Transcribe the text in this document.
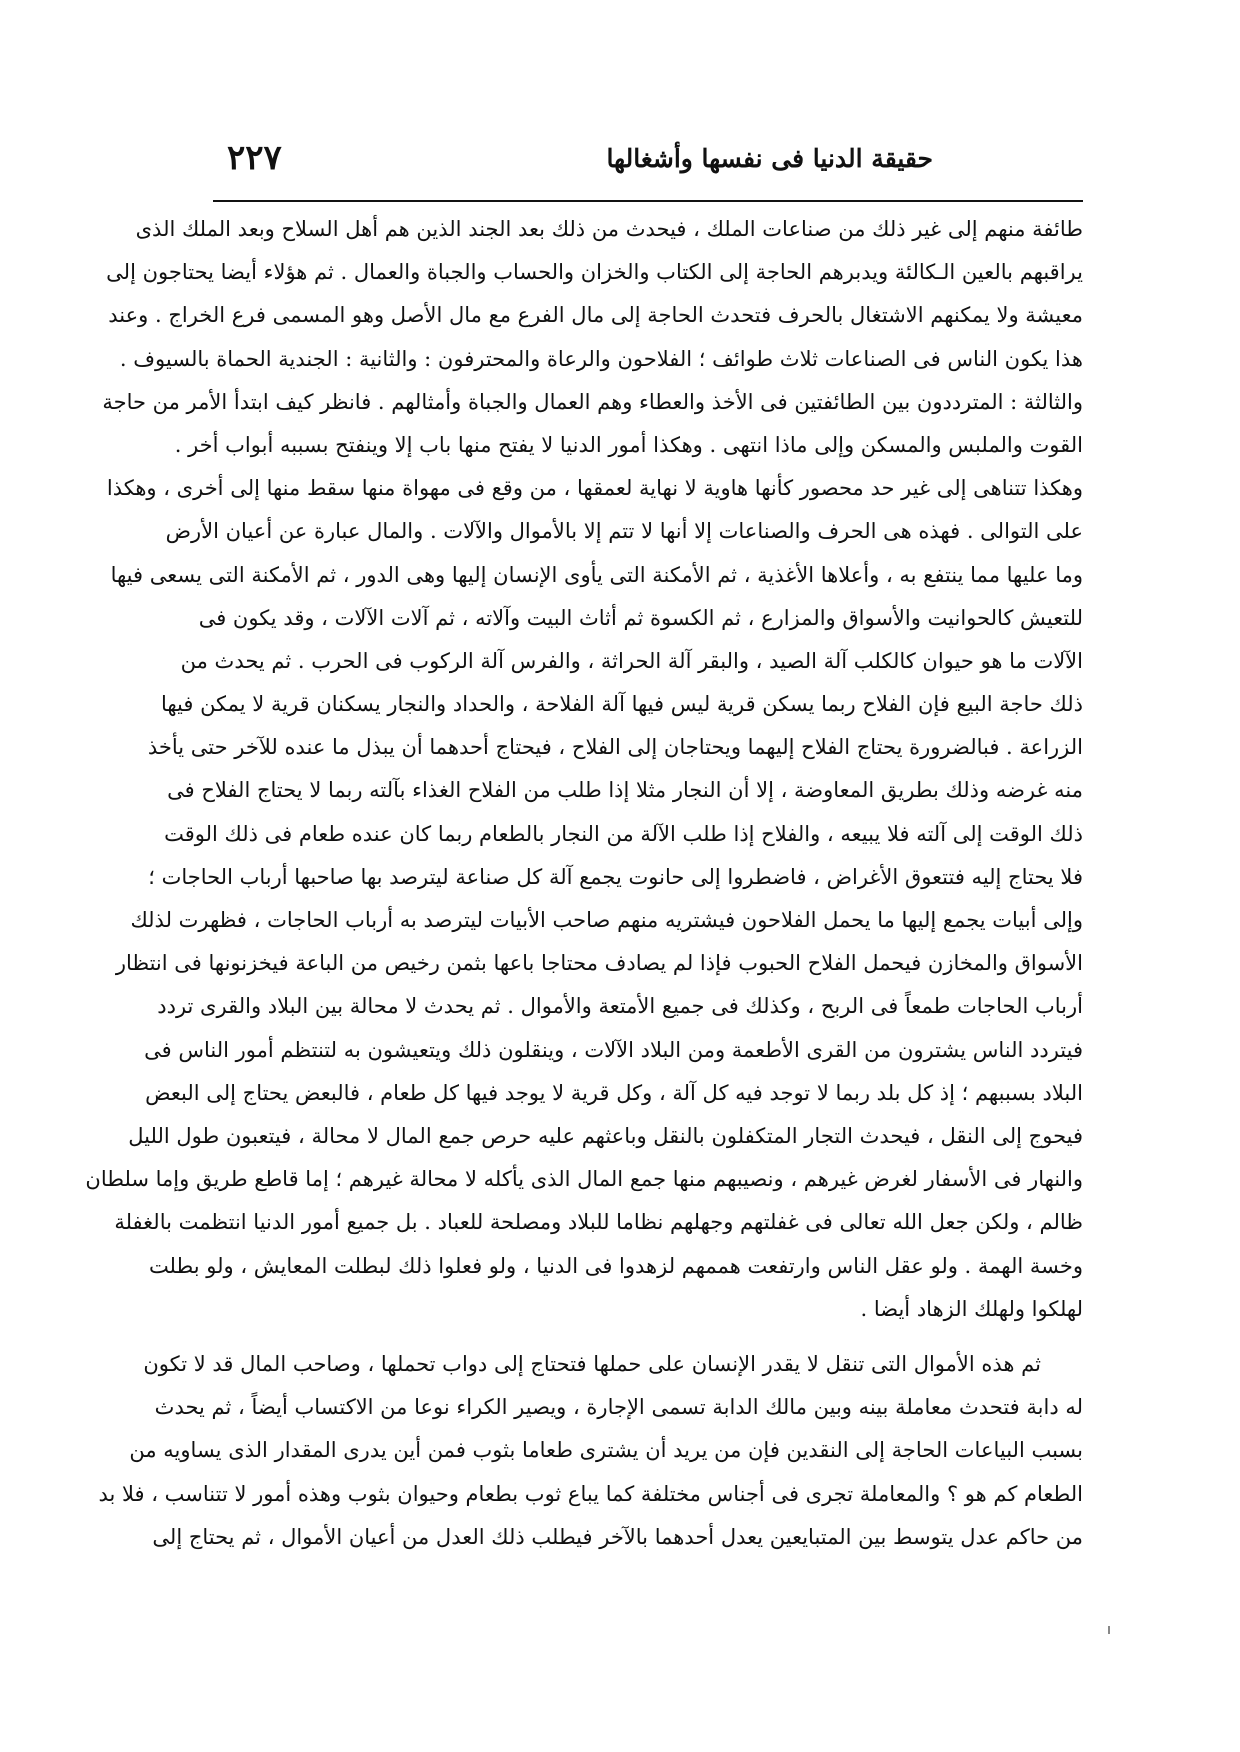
حقيقة الدنيا فى نفسها وأشغالها
٢٢٧
طائفة منهم إلى غير ذلك من صناعات الملك ، فيحدث من ذلك بعد الجند الذين هم أهل السلاح وبعد الملك الذى
يراقبهم بالعين الـكالئة ويدبرهم الحاجة إلى الكتاب والخزان والحساب والجباة والعمال . ثم هؤلاء أيضا يحتاجون إلى
معيشة ولا يمكنهم الاشتغال بالحرف فتحدث الحاجة إلى مال الفرع مع مال الأصل وهو المسمى فرع الخراج . وعند
هذا يكون الناس فى الصناعات ثلاث طوائف ؛ الفلاحون والرعاة والمحترفون : والثانية : الجندية الحماة بالسيوف .
والثالثة : المترددون بين الطائفتين فى الأخذ والعطاء وهم العمال والجباة وأمثالهم . فانظر كيف ابتدأ الأمر من حاجة
القوت والملبس والمسكن وإلى ماذا انتهى . وهكذا أمور الدنيا لا يفتح منها باب إلا وينفتح بسببه أبواب أخر .
وهكذا تتناهى إلى غير حد محصور كأنها هاوية لا نهاية لعمقها ، من وقع فى مهواة منها سقط منها إلى أخرى ، وهكذا
على التوالى . فهذه هى الحرف والصناعات إلا أنها لا تتم إلا بالأموال والآلات . والمال عبارة عن أعيان الأرض
وما عليها مما ينتفع به ، وأعلاها الأغذية ، ثم الأمكنة التى يأوى الإنسان إليها وهى الدور ، ثم الأمكنة التى يسعى فيها
للتعيش كالحوانيت والأسواق والمزارع ، ثم الكسوة ثم أثاث البيت وآلاته ، ثم آلات الآلات ، وقد يكون فى
الآلات ما هو حيوان كالكلب آلة الصيد ، والبقر آلة الحراثة ، والفرس آلة الركوب فى الحرب . ثم يحدث من
ذلك حاجة البيع فإن الفلاح ربما يسكن قرية ليس فيها آلة الفلاحة ، والحداد والنجار يسكنان قرية لا يمكن فيها
الزراعة . فبالضرورة يحتاج الفلاح إليهما ويحتاجان إلى الفلاح ، فيحتاج أحدهما أن يبذل ما عنده للآخر حتى يأخذ
منه غرضه وذلك بطريق المعاوضة ، إلا أن النجار مثلا إذا طلب من الفلاح الغذاء بآلته ربما لا يحتاج الفلاح فى
ذلك الوقت إلى آلته فلا يبيعه ، والفلاح إذا طلب الآلة من النجار بالطعام ربما كان عنده طعام فى ذلك الوقت
فلا يحتاج إليه فتتعوق الأغراض ، فاضطروا إلى حانوت يجمع آلة كل صناعة ليترصد بها صاحبها أرباب الحاجات ؛
وإلى أبيات يجمع إليها ما يحمل الفلاحون فيشتريه منهم صاحب الأبيات ليترصد به أرباب الحاجات ، فظهرت لذلك
الأسواق والمخازن فيحمل الفلاح الحبوب فإذا لم يصادف محتاجا باعها بثمن رخيص من الباعة فيخزنونها فى انتظار
أرباب الحاجات طمعاً فى الربح ، وكذلك فى جميع الأمتعة والأموال . ثم يحدث لا محالة بين البلاد والقرى تردد
فيتردد الناس يشترون من القرى الأطعمة ومن البلاد الآلات ، وينقلون ذلك ويتعيشون به لتنتظم أمور الناس فى
البلاد بسببهم ؛ إذ كل بلد ربما لا توجد فيه كل آلة ، وكل قرية لا يوجد فيها كل طعام ، فالبعض يحتاج إلى البعض
فيحوج إلى النقل ، فيحدث التجار المتكفلون بالنقل وباعثهم عليه حرص جمع المال لا محالة ، فيتعبون طول الليل
والنهار فى الأسفار لغرض غيرهم ، ونصيبهم منها جمع المال الذى يأكله لا محالة غيرهم ؛ إما قاطع طريق وإما سلطان
ظالم ، ولكن جعل الله تعالى فى غفلتهم وجهلهم نظاما للبلاد ومصلحة للعباد . بل جميع أمور الدنيا انتظمت بالغفلة
وخسة الهمة . ولو عقل الناس وارتفعت هممهم لزهدوا فى الدنيا ، ولو فعلوا ذلك لبطلت المعايش ، ولو بطلت
لهلكوا ولهلك الزهاد أيضا .
ثم هذه الأموال التى تنقل لا يقدر الإنسان على حملها فتحتاج إلى دواب تحملها ، وصاحب المال قد لا تكون
له دابة فتحدث معاملة بينه وبين مالك الدابة تسمى الإجارة ، ويصير الكراء نوعا من الاكتساب أيضاً ، ثم يحدث
بسبب البياعات الحاجة إلى النقدين فإن من يريد أن يشترى طعاما بثوب فمن أين يدرى المقدار الذى يساويه من
الطعام كم هو ؟ والمعاملة تجرى فى أجناس مختلفة كما يباع ثوب بطعام وحيوان بثوب وهذه أمور لا تتناسب ، فلا بد
من حاكم عدل يتوسط بين المتبايعين يعدل أحدهما بالآخر فيطلب ذلك العدل من أعيان الأموال ، ثم يحتاج إلى
